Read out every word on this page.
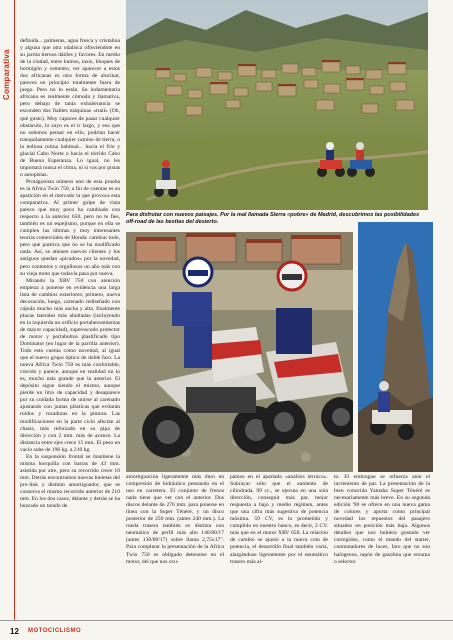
Comparativa

definida... palmeras, agua fresca y cristalina y alguna que otra odalisca ofreciéndote en su jarrita tiernos dátiles y favores. En medio de la ciudad, entre humos, taxis, bloques de hormigón y cemento, ver aparecer a estos dos africanas es otra forma de alucinar, pareces en principio totalmente fuera de juego. Pero no lo están. Su indumentaria africana es realmente cómoda y llamativa, pero debajo de tanta exhuberancia se esconden dos fiables máquinas «trail» (Oh, qué gusto). Muy capaces de pasar cualquier obstáculo, lo suyo es el ir largo, y eso que no solemos pensar en ello, podrían hacer tranquilamente cualquier camino de tierra, o la tediosa rutina habitual... hacia el frío y glacial Cabo Norte o hacia el tórrido Cabo de Buena Esperanza. Lo igual, no les importará nunca el clima, ni si vas por pistas o autopistas.

Protagonista número uno de esta prueba es la Africa Twin 750, a fin de cuentas es su aparición en el mercado la que provoca esta comparativa. Al primer golpe de vista parece que muy poco ha cambiado con respecto a la anterior 650, pero no te fíes, también es un espejismo, porque en ella se cumplen las últimas y muy interesantes teorías comerciales de Honda: cambiar todo, pero que parezca que no se ha modificado nada. Así, se atienen nuevos clientes y los antiguos quedan «picados» por la novedad, pero contentos y orgullosos un año más con su vieja moto que todavía pasa por nueva.

Mirando la XRV 750 con atención empieza a ponerse en evidencia una larga lista de cambios exteriores; primero, nueva decoración, luego, carenado rediseñado con cúpula mucho más ancha y alta, finalmente placas laterales más abultadas (incluyendo en la izquierda un orificio portaherramientas de mayor capacidad), superoscudo protector de motor y portabultos plastificado tipo Dominator (en lugar de la parrilla anterior). Todo esto cuenta como novedad, al igual que el nuevo grupo óptico de doble faro. La nueva Africa Twin 750 es más confortable, crecido y parece, aunque en realidad no lo es, mucho más grande que la anterior. El depósito sigue siendo el mismo, aunque pierde un litro de capacidad y desaparece por su cuidada forma de unirse al carenado ajustando con juntas plásticas que evitarán ruidos y rozaduras en la pintura. Las modificaciones en la parte ciclo afectan al chasis, más reforzado en su pipa de dirección y con 2 mm. más de avance. La distancia entre ejes crece 15 mm. El peso en vacío sube de 196 kg. a 210 kg.

En la suspensión frontal se mantiene la misma horquilla con barras de 43 mm. asistida por aire, pero su recorrido crece 10 mm. Detrás encontramos nuevas bieletas del pro-link y distinto amortiguador, que se conserva el mismo recorrido anterior de 210 mm. En los dos casos, delante y detrás se ha buscado un tarado de

Para disfrutar con nuevos paisajes. Por la mal llamada Sierra «pobre» de Madrid, descubrimos las posibilidades off-road de las bestias del desierto.
amortiguación ligeramente más duro en compresión de hidráulico pensando en el uso en carretera. El conjunto de frenos nada tiene que ver con el anterior. Dos discos delante de 276 mm. para ponerse en línea con la Super Ténéré, y un disco posterior de 256 mm. (antes 240 mm.). La rueda trasera también es distinta con neumático de perfil más alto 140/80/17 (antes 130/80/17) sobre llanta 2,75x17". Para completar la presentación de la Africa Twin 750 es obligado detenerse en el motor, del que nos ocu-
pamos en el apartado «análisis técnico». Subrayar sólo que el aumento de cilindrada, 99 cc., se ejecuta en una sola dirección, conseguir más par, mejor respuesta a bajo y medio régimen, antes que una cifra más sugestiva de potencia máxima. 59 CV, es lo prometido y cumplido en nuestro banco, es decir, 2 CV. más que en el motor XRV 650. La relación de cambio se ajustó a la nueva cota de potencia, el desarrollo final también varía, alargándose ligeramente por el neumático trasero más al-
to. El embrague se refuerza ante el incremento de par. La presentación de la bien conocida Yamaha Super Ténéré es necesariamente más breve. En su segunda edición '90 se ofrece en una nueva gama de colores y aporta como principal novedad los repuestos del pasajero situados en posición más baja. Algunos detalles que nos hubiera gustado ver corregidos, como el mando del starter, conmutadores de luces, faro que no son halógenos, tapón de gasolina que rezuma o selector
12 MOTOCICLISMO
